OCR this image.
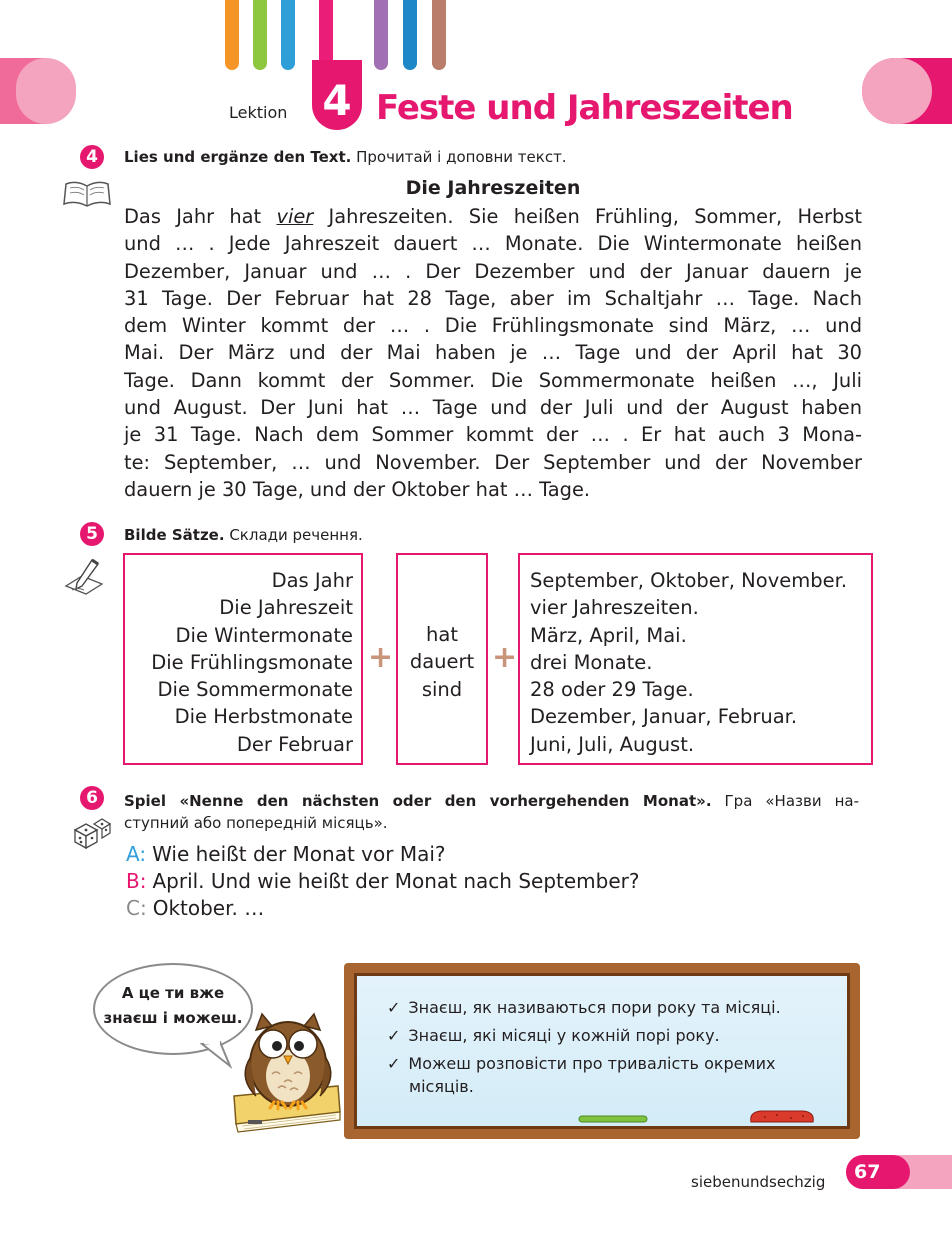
Lektion 4 Feste und Jahreszeiten
4	Lies und ergänze den Text. Прочитай і доповни текст.
Die Jahreszeiten
Das Jahr hat vier Jahreszeiten. Sie heißen Frühling, Sommer, Herbst
und … . Jede Jahreszeit dauert … Monate. Die Wintermonate heißen
Dezember, Januar und … . Der Dezember und der Januar dauern je
31 Tage. Der Februar hat 28 Tage, aber im Schaltjahr … Tage. Nach
dem Winter kommt der … . Die Frühlingsmonate sind März, … und
Mai. Der März und der Mai haben je … Tage und der April hat 30
Tage. Dann kommt der Sommer. Die Sommermonate heißen …, Juli
und August. Der Juni hat … Tage und der Juli und der August haben
je 31 Tage. Nach dem Sommer kommt der … . Er hat auch 3 Mona-
te: September, … und November. Der September und der November
dauern je 30 Tage, und der Oktober hat … Tage.
5	Bilde Sätze. Склади речення.
Das Jahr
Die Jahreszeit
Die Wintermonate
Die Frühlingsmonate
Die Sommermonate
Die Herbstmonate
Der Februar
+
hat
dauert
sind
+
September, Oktober, November.
vier Jahreszeiten.
März, April, Mai.
drei Monate.
28 oder 29 Tage.
Dezember, Januar, Februar.
Juni, Juli, August.
6	Spiel «Nenne den nächsten oder den vorhergehenden Monat». Гра «Назви на-
ступний або попередній місяць».
A: Wie heißt der Monat vor Mai?
B: April. Und wie heißt der Monat nach September?
C: Oktober. …
А це ти вже
знаєш і можеш.
✓ Знаєш, як називаються пори року та місяці.
✓ Знаєш, які місяці у кожній порі року.
✓ Можеш розповісти про тривалість окремих
місяців.
siebenundsechzig	67
